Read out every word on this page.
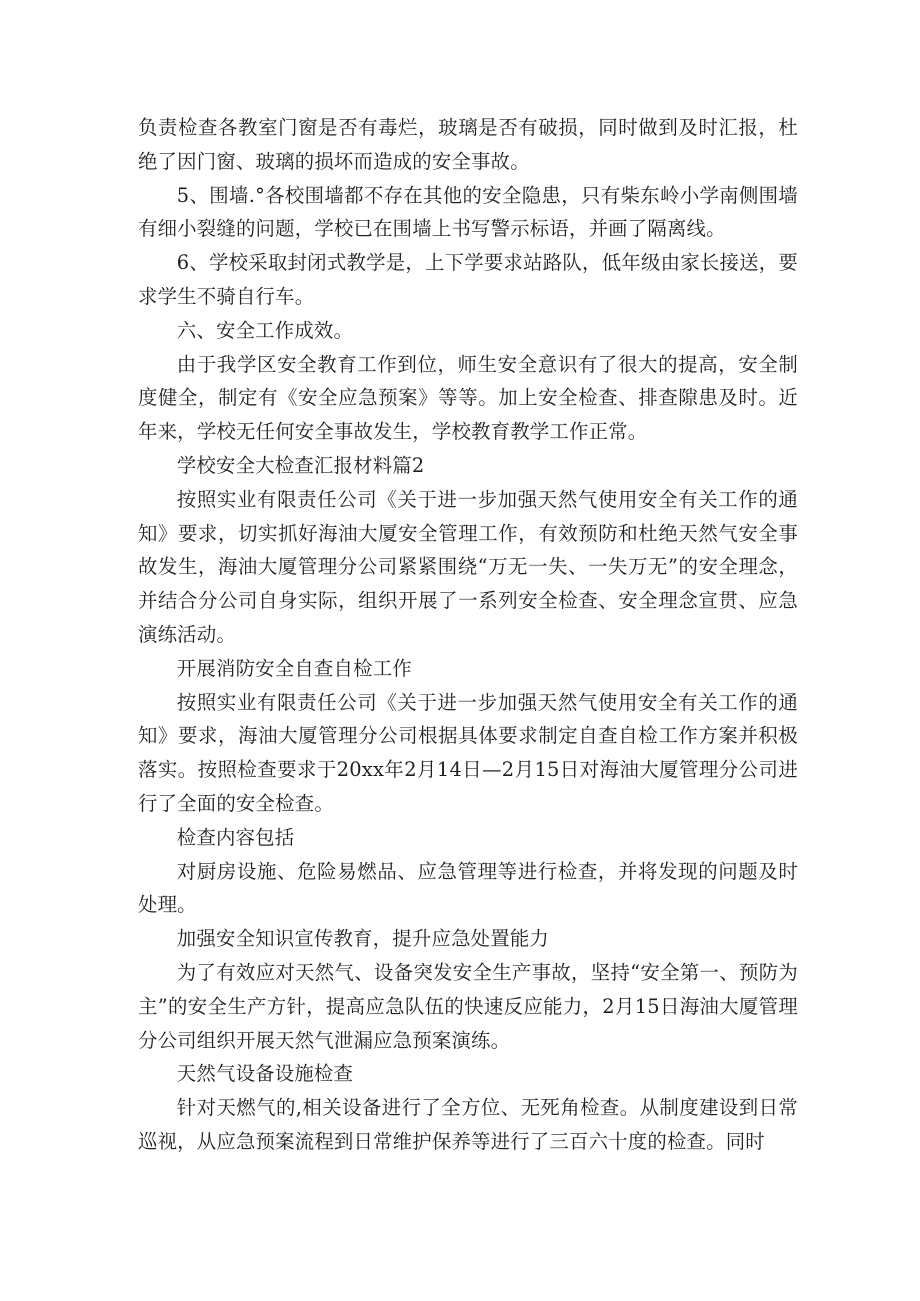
负责检查各教室门窗是否有毒烂，玻璃是否有破损，同时做到及时汇报，杜绝了因门窗、玻璃的损坏而造成的安全事故。

5、围墙.°各校围墙都不存在其他的安全隐患，只有柴东岭小学南侧围墙有细小裂缝的问题，学校已在围墙上书写警示标语，并画了隔离线。

6、学校采取封闭式教学是，上下学要求站路队，低年级由家长接送，要求学生不骑自行车。

六、安全工作成效。

由于我学区安全教育工作到位，师生安全意识有了很大的提高，安全制度健全，制定有《安全应急预案》等等。加上安全检查、排查隙患及时。近年来，学校无任何安全事故发生，学校教育教学工作正常。

学校安全大检查汇报材料篇2

按照实业有限责任公司《关于进一步加强天然气使用安全有关工作的通知》要求，切实抓好海油大厦安全管理工作，有效预防和杜绝天然气安全事故发生，海油大厦管理分公司紧紧围绕“万无一失、一失万无”的安全理念，并结合分公司自身实际，组织开展了一系列安全检查、安全理念宣贯、应急演练活动。

开展消防安全自查自检工作

按照实业有限责任公司《关于进一步加强天然气使用安全有关工作的通知》要求，海油大厦管理分公司根据具体要求制定自查自检工作方案并积极落实。按照检查要求于20xx年2月14日—2月15日对海油大厦管理分公司进行了全面的安全检查。

检查内容包括

对厨房设施、危险易燃品、应急管理等进行检查，并将发现的问题及时处理。

加强安全知识宣传教育，提升应急处置能力

为了有效应对天然气、设备突发安全生产事故，坚持“安全第一、预防为主”的安全生产方针，提高应急队伍的快速反应能力，2月15日海油大厦管理分公司组织开展天然气泄漏应急预案演练。

天然气设备设施检查

针对天燃气的,相关设备进行了全方位、无死角检查。从制度建设到日常巡视，从应急预案流程到日常维护保养等进行了三百六十度的检查。同时
